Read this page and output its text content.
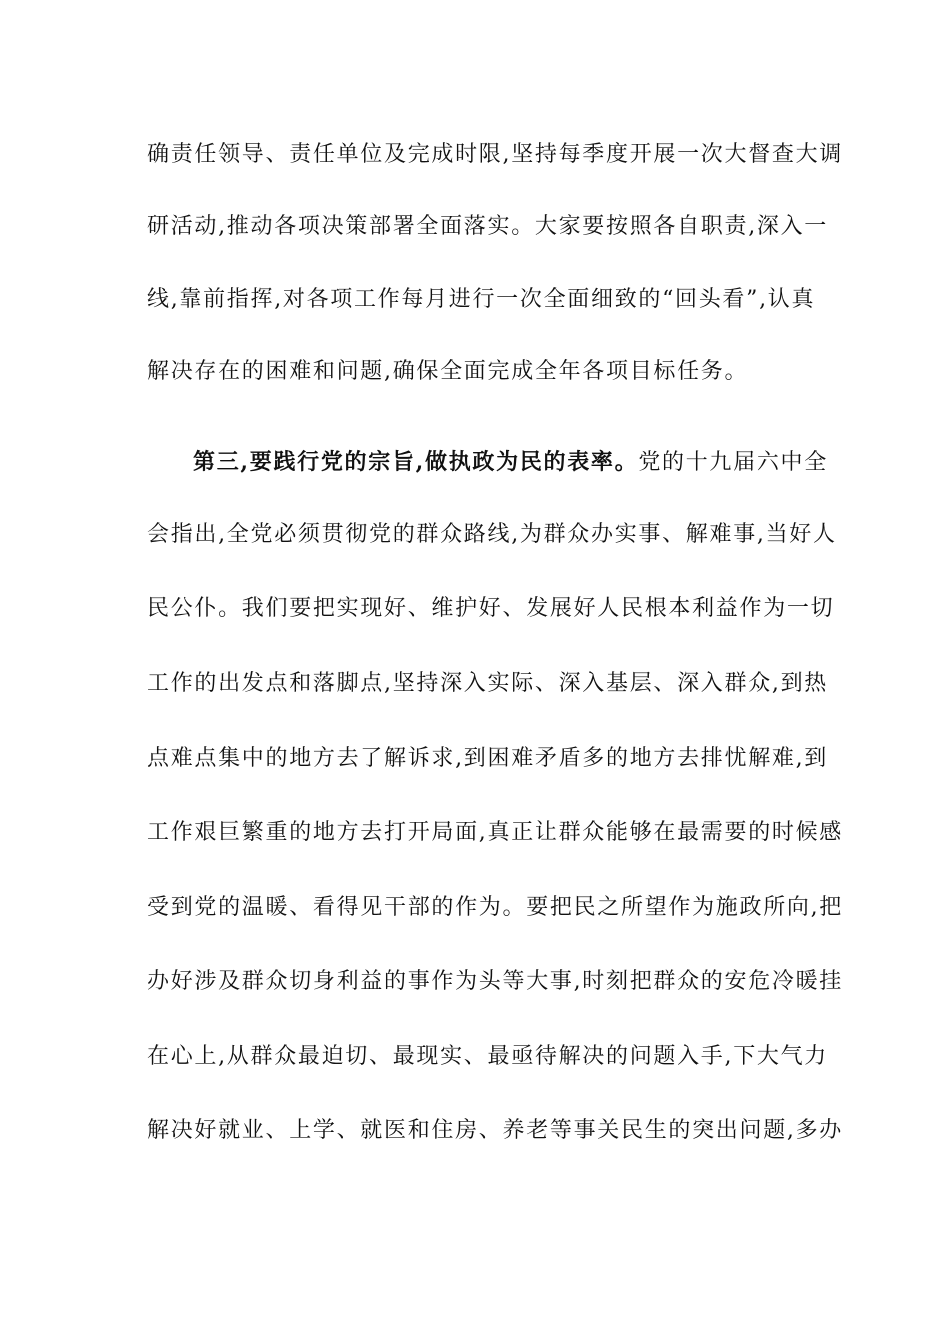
确责任领导、责任单位及完成时限,坚持每季度开展一次大督查大调
研活动,推动各项决策部署全面落实。大家要按照各自职责,深入一
线,靠前指挥,对各项工作每月进行一次全面细致的“回头看”,认真
解决存在的困难和问题,确保全面完成全年各项目标任务。
第三,要践行党的宗旨,做执政为民的表率。党的十九届六中全
会指出,全党必须贯彻党的群众路线,为群众办实事、解难事,当好人
民公仆。我们要把实现好、维护好、发展好人民根本利益作为一切
工作的出发点和落脚点,坚持深入实际、深入基层、深入群众,到热
点难点集中的地方去了解诉求,到困难矛盾多的地方去排忧解难,到
工作艰巨繁重的地方去打开局面,真正让群众能够在最需要的时候感
受到党的温暖、看得见干部的作为。要把民之所望作为施政所向,把
办好涉及群众切身利益的事作为头等大事,时刻把群众的安危冷暖挂
在心上,从群众最迫切、最现实、最亟待解决的问题入手,下大气力
解决好就业、上学、就医和住房、养老等事关民生的突出问题,多办
